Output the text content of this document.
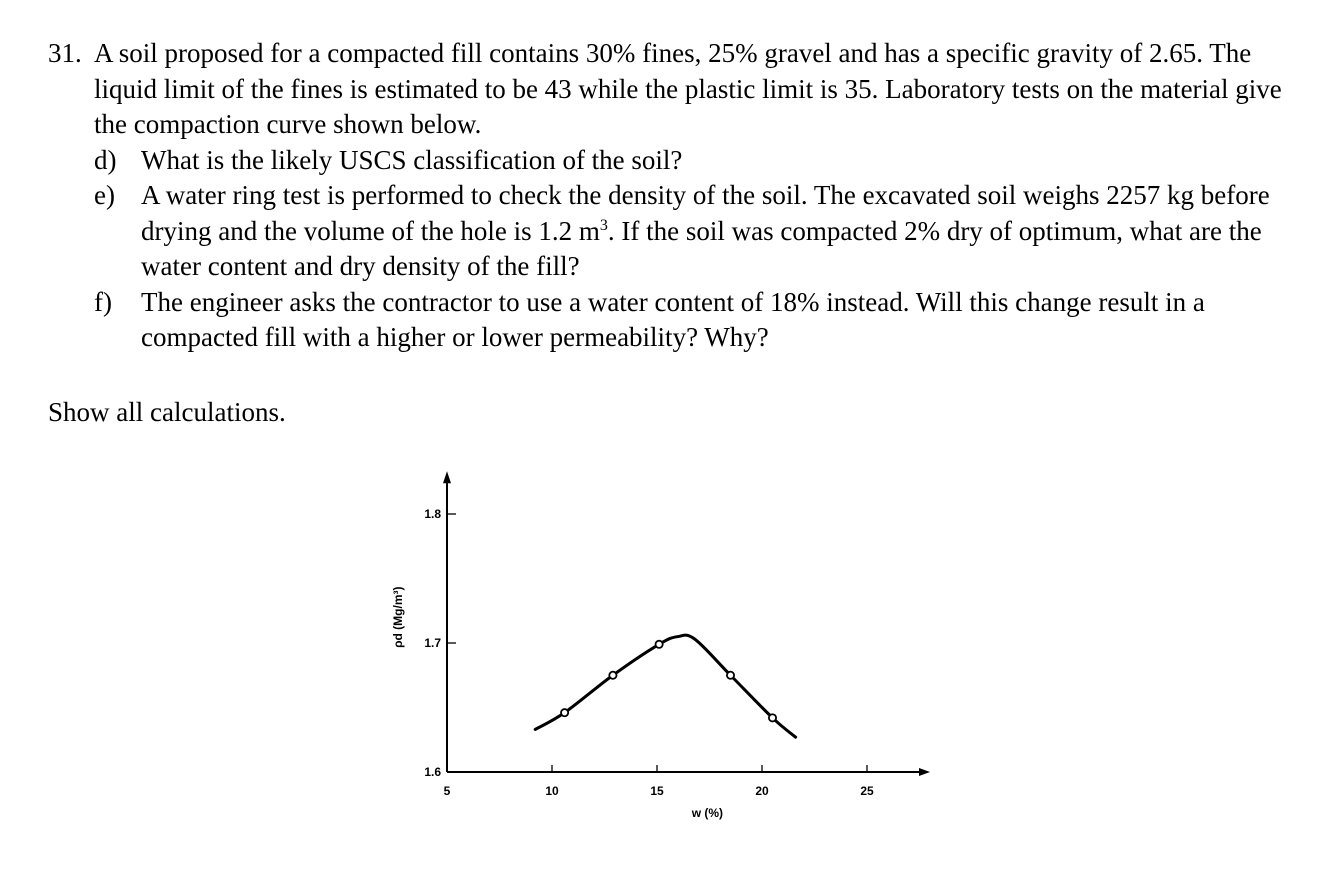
31. A soil proposed for a compacted fill contains 30% fines, 25% gravel and has a specific gravity of 2.65. The liquid limit of the fines is estimated to be 43 while the plastic limit is 35. Laboratory tests on the material give the compaction curve shown below.
d) What is the likely USCS classification of the soil?
e) A water ring test is performed to check the density of the soil. The excavated soil weighs 2257 kg before drying and the volume of the hole is 1.2 $m^3$. If the soil was compacted 2% dry of optimum, what are the water content and dry density of the fill?
f) The engineer asks the contractor to use a water content of 18% instead. Will this change result in a compacted fill with a higher or lower permeability? Why?
Show all calculations.
5	10	15	20	25
1.6
1.7
1.8
w (%)
ρd (Mg/m³)
